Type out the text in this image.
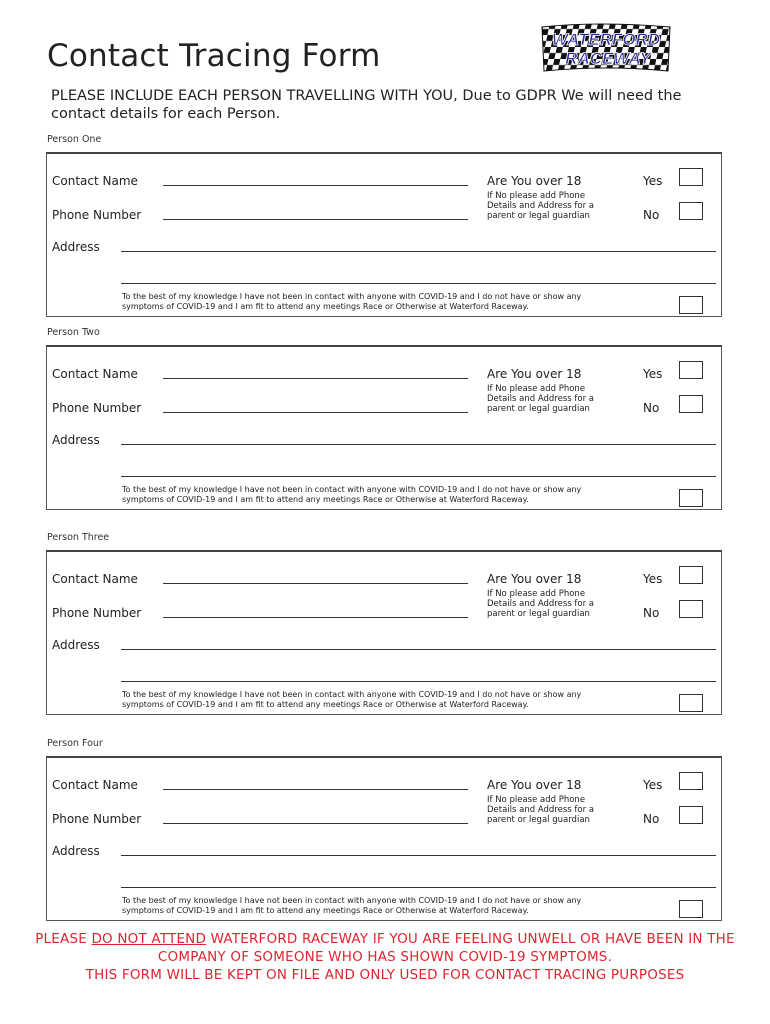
Contact Tracing Form	WATERFORD
RACEWAY
PLEASE INCLUDE EACH PERSON TRAVELLING WITH YOU, Due to GDPR We will need the contact details for each Person.
Person One
Contact Name
Phone Number
Are You over 18
If No please add Phone Details and Address for a parent or legal guardian
Yes
No
Address
To the best of my knowledge I have not been in contact with anyone with COVID-19 and I do not have or show any symptoms of COVID-19 and I am fit to attend any meetings Race or Otherwise at Waterford Raceway.
Person Two
Contact Name
Phone Number
Are You over 18
If No please add Phone Details and Address for a parent or legal guardian
Yes
No
Address
To the best of my knowledge I have not been in contact with anyone with COVID-19 and I do not have or show any symptoms of COVID-19 and I am fit to attend any meetings Race or Otherwise at Waterford Raceway.
Person Three
Contact Name
Phone Number
Are You over 18
If No please add Phone Details and Address for a parent or legal guardian
Yes
No
Address
To the best of my knowledge I have not been in contact with anyone with COVID-19 and I do not have or show any symptoms of COVID-19 and I am fit to attend any meetings Race or Otherwise at Waterford Raceway.
Person Four
Contact Name
Phone Number
Are You over 18
If No please add Phone Details and Address for a parent or legal guardian
Yes
No
Address
To the best of my knowledge I have not been in contact with anyone with COVID-19 and I do not have or show any symptoms of COVID-19 and I am fit to attend any meetings Race or Otherwise at Waterford Raceway.
PLEASE DO NOT ATTEND WATERFORD RACEWAY IF YOU ARE FEELING UNWELL OR HAVE BEEN IN THE COMPANY OF SOMEONE WHO HAS SHOWN COVID-19 SYMPTOMS.
THIS FORM WILL BE KEPT ON FILE AND ONLY USED FOR CONTACT TRACING PURPOSES
